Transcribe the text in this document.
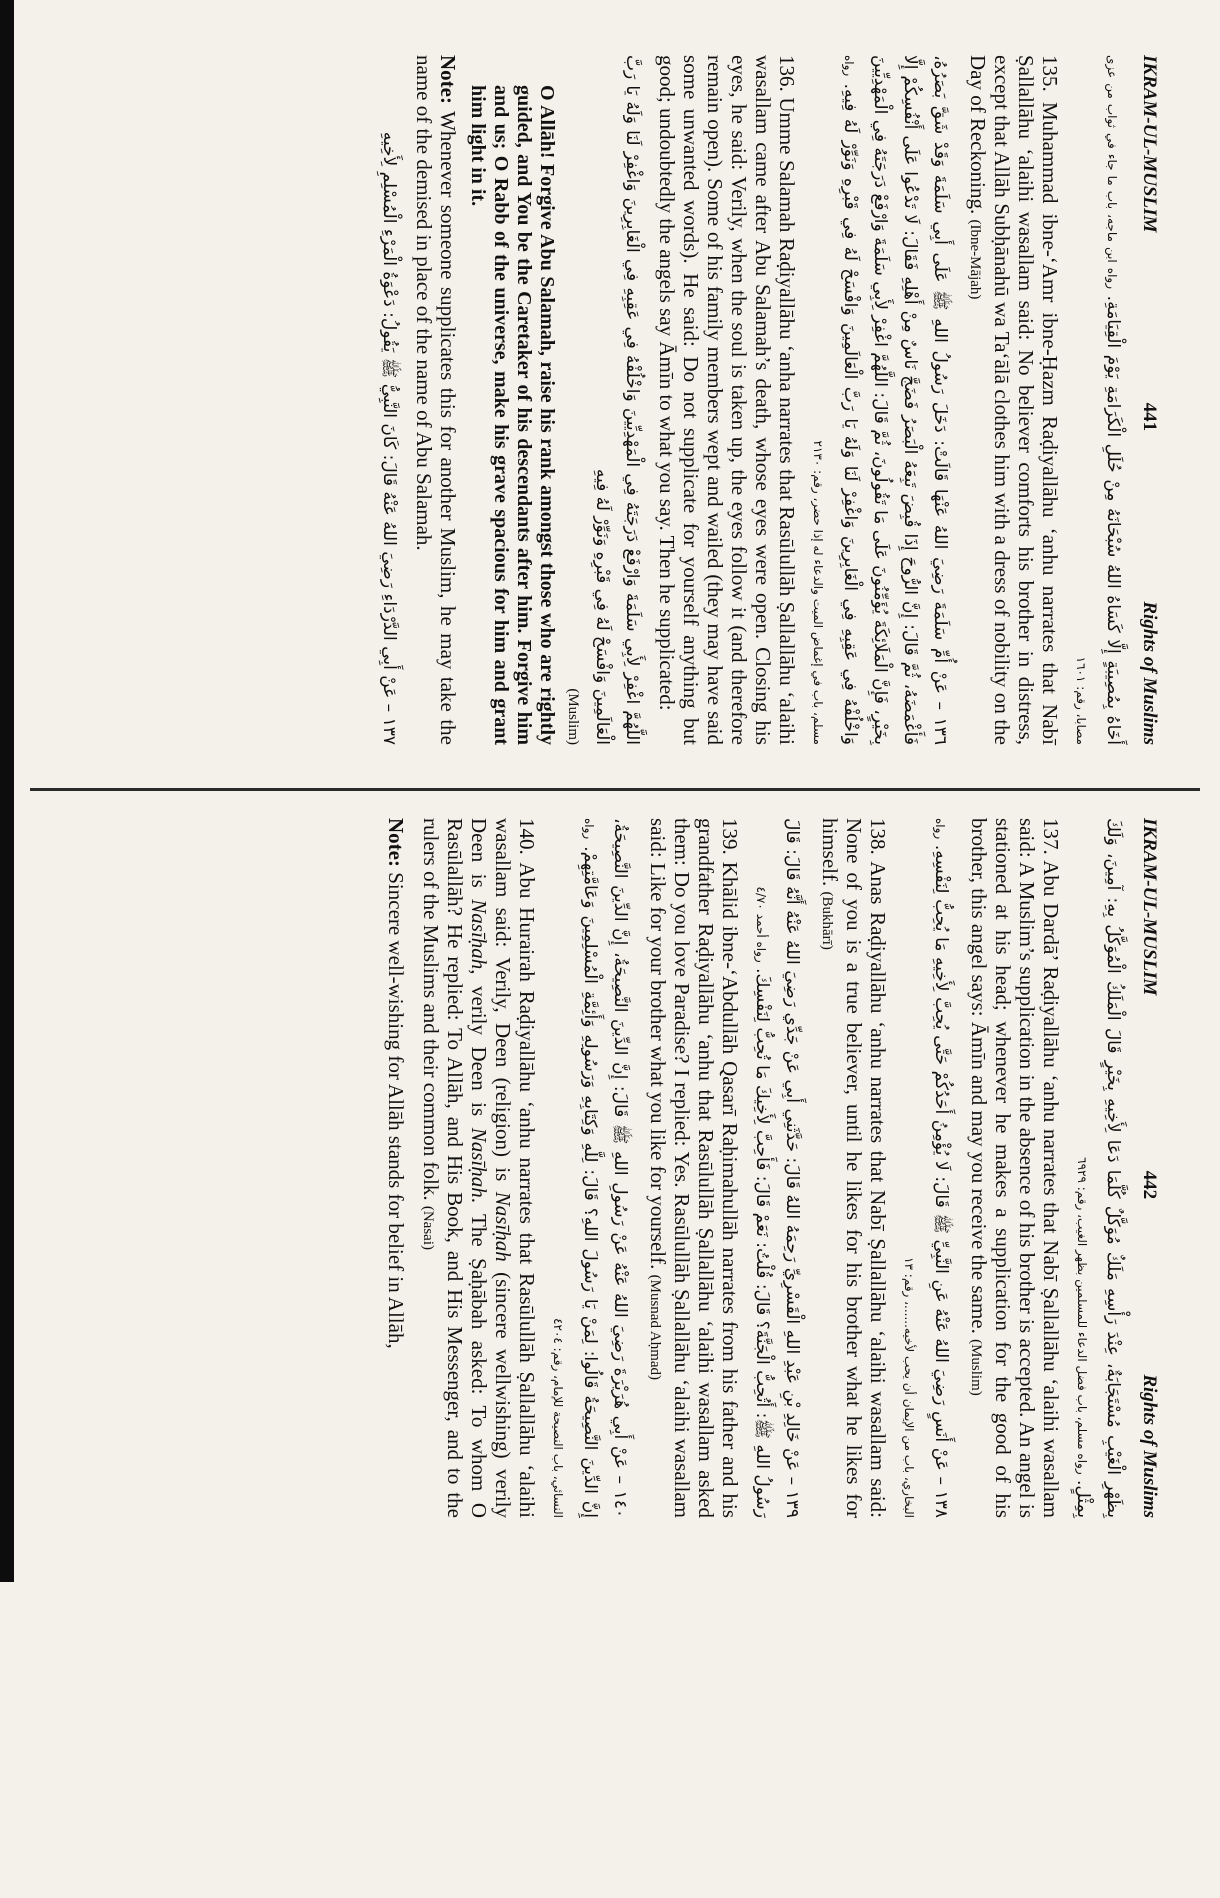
IKRAM-UL-MUSLIM
441
Rights of Muslims
أَخَاهُ بِمُصِيبَةٍ إِلَّا كَسَاهُ اللهُ سُبْحَانَهُ مِنْ حُلَلِ الْكَرَامَةِ يَوْمَ الْقِيَامَةِ. رواه ابن ماجه، باب ما جاء في ثواب من عزى مصابا، رقم: ١٦٠١

135. Muhammad ibne-‘Amr ibne-Ḥazm Raḍiyallāhu ‘anhu narrates that Nabī Ṣallallāhu ‘alaihi wasallam said: No believer comforts his brother in distress, except that Allāh Subḥānahū wa Ta‘ālā clothes him with a dress of nobility on the Day of Reckoning. (Ibne-Mājah)

١٣٦ – عَنْ أُمِّ سَلَمَةَ رَضِيَ اللهُ عَنْهَا قَالَتْ: دَخَلَ رَسُولُ اللهِ ﷺ عَلَى أَبِي سَلَمَةَ وَقَدْ شَقَّ بَصَرُهُ، فَأَغْمَضَهُ، ثُمَّ قَالَ: إِنَّ الرُّوحَ إِذَا قُبِضَ تَبِعَهُ الْبَصَرُ فَضَجَّ نَاسٌ مِنْ أَهْلِهِ فَقَالَ: لَا تَدْعُوا عَلَى أَنْفُسِكُمْ إِلَّا بِخَيْرٍ، فَإِنَّ الْمَلَائِكَةَ يُؤَمِّنُونَ عَلَى مَا تَقُولُونَ، ثُمَّ قَالَ: اللَّهُمَّ اغْفِرْ لِأَبِي سَلَمَةَ وَارْفَعْ دَرَجَتَهُ فِي الْمَهْدِيِّينَ وَاخْلُفْهُ فِي عَقِبِهِ فِي الْغَابِرِينَ وَاغْفِرْ لَنَا وَلَهُ يَا رَبَّ الْعَالَمِينَ وَافْسَحْ لَهُ فِي قَبْرِهِ وَنَوِّرْ لَهُ فِيهِ. رواه مسلم، باب في إغماض الميت والدعاء له إذا حضر، رقم: ٢١٣٠

136. Umme Salamah Raḍiyallāhu ‘anha narrates that Rasūlullāh Ṣallallāhu ‘alaihi wasallam came after Abu Salamah’s death, whose eyes were open. Closing his eyes, he said: Verily, when the soul is taken up, the eyes follow it (and therefore remain open). Some of his family members wept and wailed (they may have said some unwanted words). He said: Do not supplicate for yourself anything but good; undoubtedly the angels say Āmīn to what you say. Then he supplicated:

اللَّهُمَّ اغْفِرْ لِأَبِي سَلَمَةَ وَارْفَعْ دَرَجَتَهُ فِي الْمَهْدِيِّينَ وَاخْلُفْهُ فِي عَقِبِهِ فِي الْغَابِرِينَ وَاغْفِرْ لَنَا وَلَهُ يَا رَبَّ الْعَالَمِينَ وَافْسَحْ لَهُ فِي قَبْرِهِ وَنَوِّرْ لَهُ فِيهِ

(Muslim)

O Allāh! Forgive Abu Salamah, raise his rank amongst those who are rightly guided, and You be the Caretaker of his descendants after him. Forgive him and us; O Rabb of the universe, make his grave spacious for him and grant him light in it.

Note: Whenever someone supplicates this for another Muslim, he may take the name of the demised in place of the name of Abu Salamah.

١٣٧ – عَنْ أَبِي الدَّرْدَاءِ رَضِيَ اللهُ عَنْهُ قَالَ: كَانَ النَّبِيُّ ﷺ يَقُولُ: دَعْوَةُ الْمَرْءِ الْمُسْلِمِ لِأَخِيهِ
IKRAM-UL-MUSLIM
442
Rights of Muslims
بِظَهْرِ الْغَيْبِ مُسْتَجَابَةٌ، عِنْدَ رَأْسِهِ مَلَكٌ مُوَكَّلٌ كُلَّمَا دَعَا لِأَخِيهِ بِخَيْرٍ قَالَ الْمَلَكُ الْمُوَكَّلُ بِهِ: آمِينَ، وَلَكَ بِمِثْلٍ. رواه مسلم، باب فضل الدعاء للمسلمين بظهر الغيب، رقم: ٦٩٢٩

137. Abu Dardā’ Raḍiyallāhu ‘anhu narrates that Nabī Ṣallallāhu ‘alaihi wasallam said: A Muslim’s supplication in the absence of his brother is accepted. An angel is stationed at his head; whenever he makes a supplication for the good of his brother, this angel says: Āmīn and may you receive the same. (Muslim)

١٣٨ – عَنْ أَنَسٍ رَضِيَ اللهُ عَنْهُ عَنِ النَّبِيِّ ﷺ قَالَ: لَا يُؤْمِنُ أَحَدُكُمْ حَتَّى يُحِبَّ لِأَخِيهِ مَا يُحِبُّ لِنَفْسِهِ. رواه البخاري، باب من الإيمان أن يحب لأخيه......، رقم: ١٣

138. Anas Raḍiyallāhu ‘anhu narrates that Nabī Ṣallallāhu ‘alaihi wasallam said: None of you is a true believer, until he likes for his brother what he likes for himself. (Bukhārī)

١٣٩ – عَنْ خَالِدِ بْنِ عَبْدِ اللهِ الْقَسْرِيِّ رَحِمَهُ اللهُ قَالَ: حَدَّثَنِي أَبِي عَنْ جَدِّي رَضِيَ اللهُ عَنْهُ أَنَّهُ قَالَ: قَالَ رَسُولُ اللهِ ﷺ: أَتُحِبُّ الْجَنَّةَ؟ قَالَ: قُلْتُ: نَعَمْ قَالَ: فَأَحِبَّ لِأَخِيكَ مَا تُحِبُّ لِنَفْسِكَ. رواه أحمد ٤/٧٠

139. Khālid ibne-‘Abdullāh Qasarī Raḥimahullāh narrates from his father and his grandfather Raḍiyallāhu ‘anhu that Rasūlullāh Ṣallallāhu ‘alaihi wasallam asked them: Do you love Paradise? I replied: Yes. Rasūlullāh Ṣallallāhu ‘alaihi wasallam said: Like for your brother what you like for yourself. (Musnad Aḥmad)

١٤٠ – عَنْ أَبِي هُرَيْرَةَ رَضِيَ اللهُ عَنْهُ عَنْ رَسُولِ اللهِ ﷺ قَالَ: إِنَّ الدِّينَ النَّصِيحَةُ، إِنَّ الدِّينَ النَّصِيحَةُ، إِنَّ الدِّينَ النَّصِيحَةُ قَالُوا: لِمَنْ يَا رَسُولَ اللهِ؟ قَالَ: لِلَّهِ وَكِتَابِهِ وَرَسُولِهِ وَأَئِمَّةِ الْمُسْلِمِينَ وَعَامَّتِهِمْ. رواه النسائي، باب النصيحة للإمام، رقم: ٤٢٠٤

140. Abu Hurairah Raḍiyallāhu ‘anhu narrates that Rasūlullāh Ṣallallāhu ‘alaihi wasallam said: Verily, Deen (religion) is Nasīḥah (sincere wellwishing) verily Deen is Nasīḥah, verily Deen is Nasīḥah. The Ṣaḥābah asked: To whom O Rasūlallāh? He replied: To Allāh, and His Book, and His Messenger, and to the rulers of the Muslims and their common folk. (Nasai)

Note: Sincere well-wishing for Allāh stands for belief in Allāh,
